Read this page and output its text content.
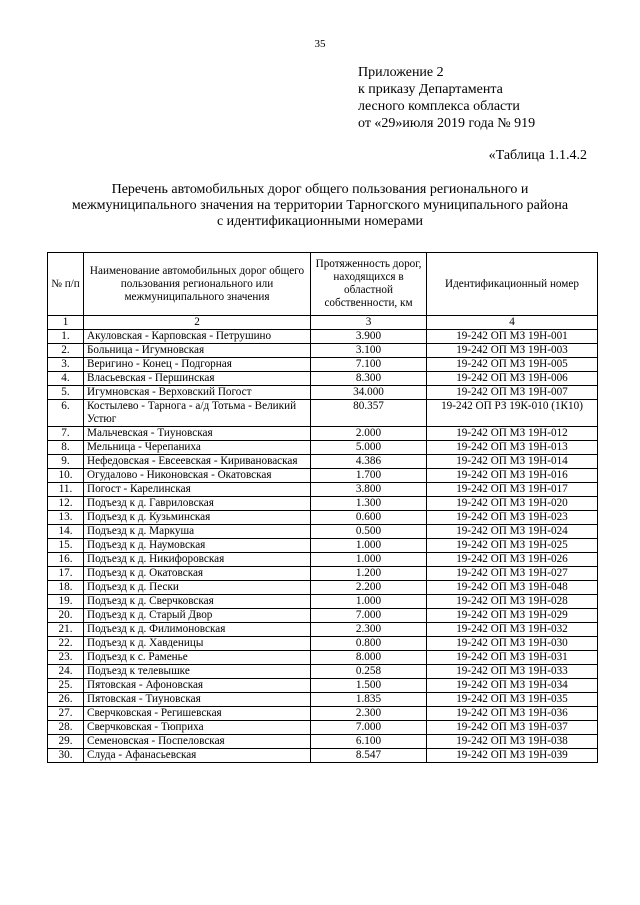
35
Приложение 2
к приказу Департамента
лесного комплекса области
от «29»июля 2019 года № 919
«Таблица 1.1.4.2
Перечень автомобильных дорог общего пользования регионального и
межмуниципального значения на территории Тарногского муниципального района
с идентификационными номерами
№ п/п	Наименование автомобильных дорог общего пользования регионального или межмуниципального значения	Протяженность дорог, находящихся в областной собственности, км	Идентификационный номер
1	2	3	4
1.	Акуловская - Карповская - Петрушино	3.900	19-242 ОП МЗ 19Н-001
2.	Больница - Игумновская	3.100	19-242 ОП МЗ 19Н-003
3.	Веригино - Конец - Подгорная	7.100	19-242 ОП МЗ 19Н-005
4.	Власьевская - Першинская	8.300	19-242 ОП МЗ 19Н-006
5.	Игумновская - Верховский Погост	34.000	19-242 ОП МЗ 19Н-007
6.	Костылево - Тарнога - а/д Тотьма - Великий Устюг	80.357	19-242 ОП РЗ 19К-010 (1К10)
7.	Мальчевская - Тиуновская	2.000	19-242 ОП МЗ 19Н-012
8.	Мельница - Черепаниха	5.000	19-242 ОП МЗ 19Н-013
9.	Нефедовская - Евсеевская - Киривановаская	4.386	19-242 ОП МЗ 19Н-014
10.	Огудалово - Никоновская - Окатовская	1.700	19-242 ОП МЗ 19Н-016
11.	Погост - Карелинская	3.800	19-242 ОП МЗ 19Н-017
12.	Подъезд к д. Гавриловская	1.300	19-242 ОП МЗ 19Н-020
13.	Подъезд к д. Кузьминская	0.600	19-242 ОП МЗ 19Н-023
14.	Подъезд к д. Маркуша	0.500	19-242 ОП МЗ 19Н-024
15.	Подъезд к д. Наумовская	1.000	19-242 ОП МЗ 19Н-025
16.	Подъезд к д. Никифоровская	1.000	19-242 ОП МЗ 19Н-026
17.	Подъезд к д. Окатовская	1.200	19-242 ОП МЗ 19Н-027
18.	Подъезд к д. Пески	2.200	19-242 ОП МЗ 19Н-048
19.	Подъезд к д. Сверчковская	1.000	19-242 ОП МЗ 19Н-028
20.	Подъезд к д. Старый Двор	7.000	19-242 ОП МЗ 19Н-029
21.	Подъезд к д. Филимоновская	2.300	19-242 ОП МЗ 19Н-032
22.	Подъезд к д. Хавденицы	0.800	19-242 ОП МЗ 19Н-030
23.	Подъезд к с. Раменье	8.000	19-242 ОП МЗ 19Н-031
24.	Подъезд к телевышке	0.258	19-242 ОП МЗ 19Н-033
25.	Пятовская - Афоновская	1.500	19-242 ОП МЗ 19Н-034
26.	Пятовская - Тиуновская	1.835	19-242 ОП МЗ 19Н-035
27.	Сверчковская - Регишевская	2.300	19-242 ОП МЗ 19Н-036
28.	Сверчковская - Тюприха	7.000	19-242 ОП МЗ 19Н-037
29.	Семеновская - Поспеловская	6.100	19-242 ОП МЗ 19Н-038
30.	Слуда - Афанасьевская	8.547	19-242 ОП МЗ 19Н-039
